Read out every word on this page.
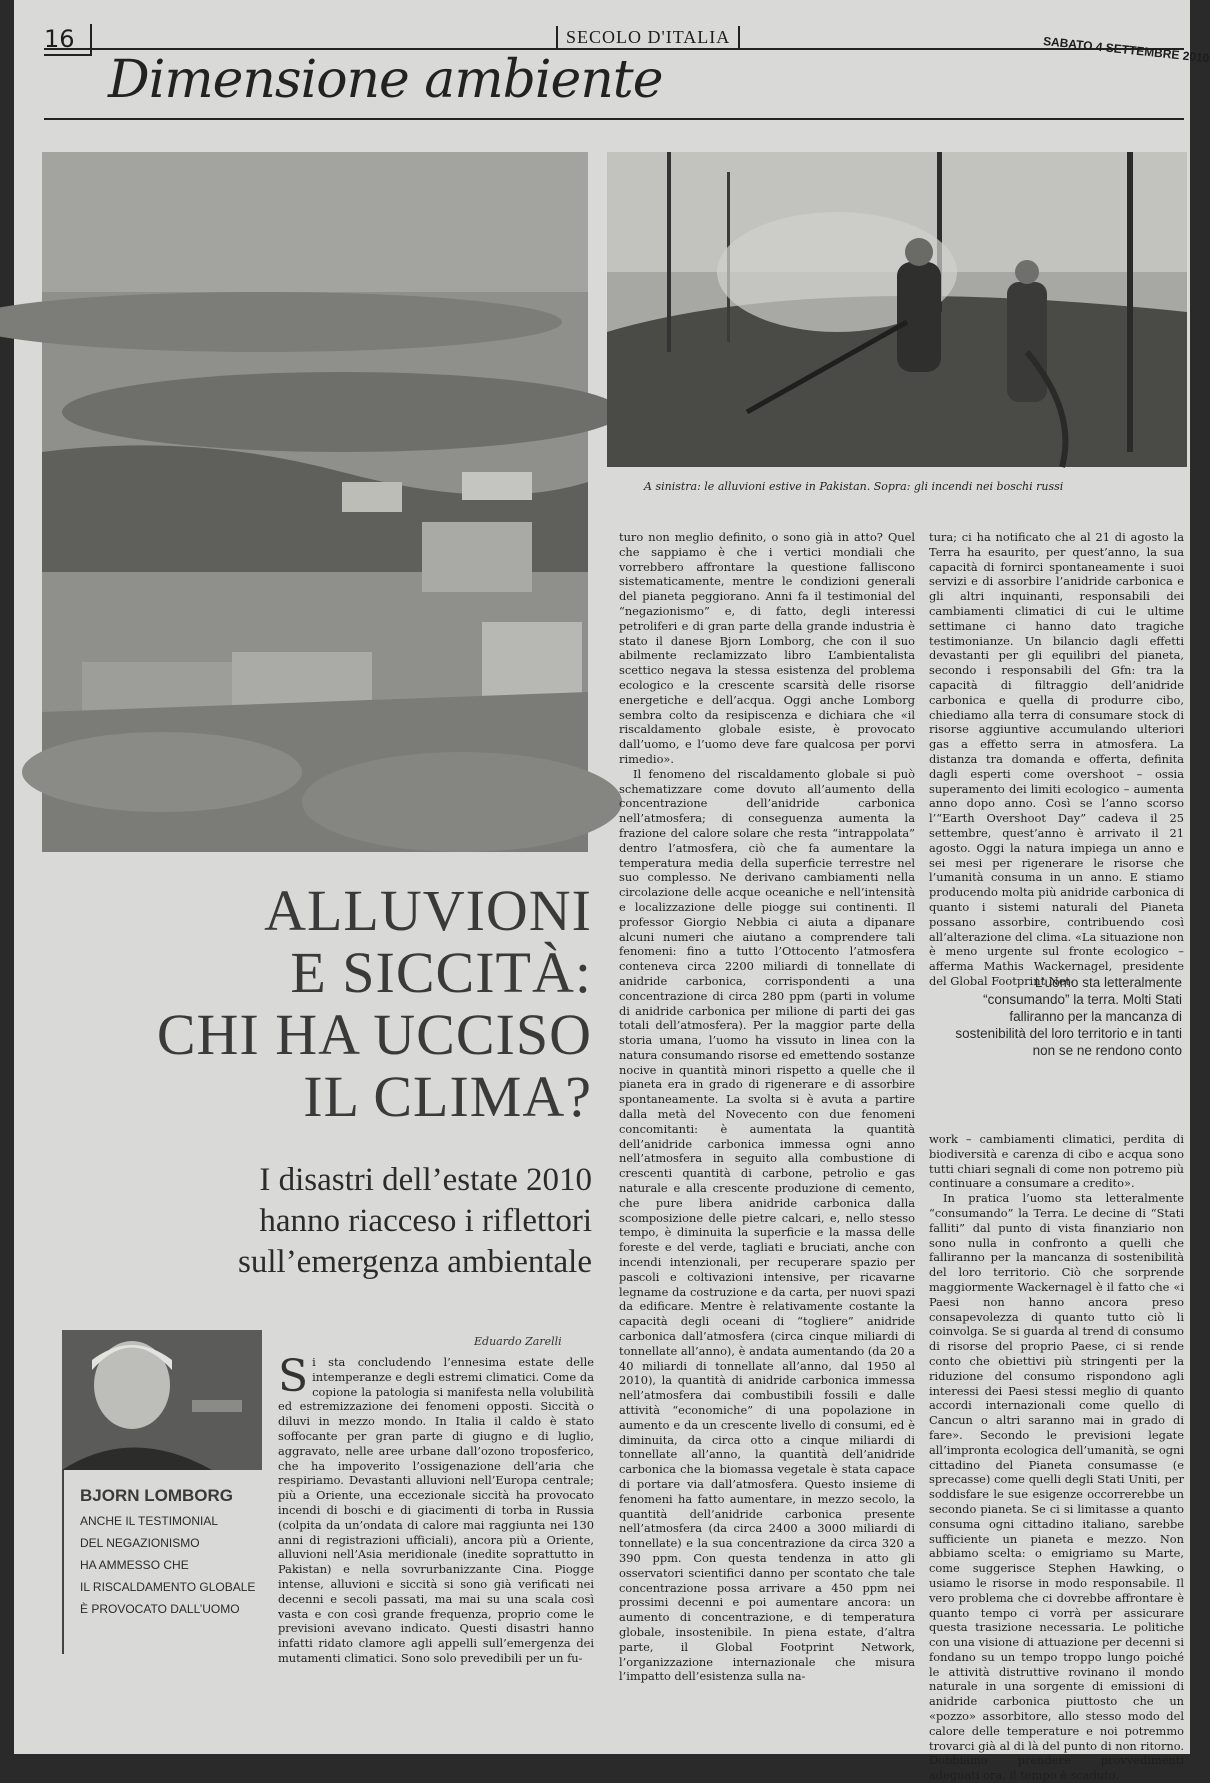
16
Dimensione ambiente
SECOLO D'ITALIA	SABATO 4 SETTEMBRE 2010
A sinistra: le alluvioni estive in Pakistan. Sopra: gli incendi nei boschi russi
ALLUVIONI
E SICCITÀ:
CHI HA UCCISO
IL CLIMA?
I disastri dell’estate 2010
hanno riacceso i riflettori
sull’emergenza ambientale
BJORN LOMBORG
ANCHE IL TESTIMONIAL
DEL NEGAZIONISMO
HA AMMESSO CHE
IL RISCALDAMENTO GLOBALE
È PROVOCATO DALL’UOMO
Eduardo Zarelli
Si sta concludendo l’ennesima estate delle intemperanze e degli estremi climatici. Come da copione la patologia si manifesta nella volubilità ed estremizzazione dei fenomeni opposti. Siccità o diluvi in mezzo mondo. In Italia il caldo è stato soffocante per gran parte di giugno e di luglio, aggravato, nelle aree urbane dall’ozono troposferico, che ha impoverito l’ossigenazione dell’aria che respiriamo. Devastanti alluvioni nell’Europa centrale; più a Oriente, una eccezionale siccità ha provocato incendi di boschi e di giacimenti di torba in Russia (colpita da un’ondata di calore mai raggiunta nei 130 anni di registrazioni ufficiali), ancora più a Oriente, alluvioni nell’Asia meridionale (inedite soprattutto in Pakistan) e nella sovrurbanizzante Cina. Piogge intense, alluvioni e siccità si sono già verificati nei decenni e secoli passati, ma mai su una scala così vasta e con così grande frequenza, proprio come le previsioni avevano indicato. Questi disastri hanno infatti ridato clamore agli appelli sull’emergenza dei mutamenti climatici. Sono solo prevedibili per un fu-

turo non meglio definito, o sono già in atto? Quel che sappiamo è che i vertici mondiali che vorrebbero affrontare la questione falliscono sistematicamente, mentre le condizioni generali del pianeta peggiorano. Anni fa il testimonial del “negazionismo” e, di fatto, degli interessi petroliferi e di gran parte della grande industria è stato il danese Bjorn Lomborg, che con il suo abilmente reclamizzato libro L’ambientalista scettico negava la stessa esistenza del problema ecologico e la crescente scarsità delle risorse energetiche e dell’acqua. Oggi anche Lomborg sembra colto da resipiscenza e dichiara che «il riscaldamento globale esiste, è provocato dall’uomo, e l’uomo deve fare qualcosa per porvi rimedio».

Il fenomeno del riscaldamento globale si può schematizzare come dovuto all’aumento della concentrazione dell’anidride carbonica nell’atmosfera; di conseguenza aumenta la frazione del calore solare che resta “intrappolata” dentro l’atmosfera, ciò che fa aumentare la temperatura media della superficie terrestre nel suo complesso. Ne derivano cambiamenti nella circolazione delle acque oceaniche e nell’intensità e localizzazione delle piogge sui continenti. Il professor Giorgio Nebbia ci aiuta a dipanare alcuni numeri che aiutano a comprendere tali fenomeni: fino a tutto l’Ottocento l’atmosfera conteneva circa 2200 miliardi di tonnellate di anidride carbonica, corrispondenti a una concentrazione di circa 280 ppm (parti in volume di anidride carbonica per milione di parti dei gas totali dell’atmosfera). Per la maggior parte della storia umana, l’uomo ha vissuto in linea con la natura consumando risorse ed emettendo sostanze nocive in quantità minori rispetto a quelle che il pianeta era in grado di rigenerare e di assorbire spontaneamente. La svolta si è avuta a partire dalla metà del Novecento con due fenomeni concomitanti: è aumentata la quantità dell’anidride carbonica immessa ogni anno nell’atmosfera in seguito alla combustione di crescenti quantità di carbone, petrolio e gas naturale e alla crescente produzione di cemento, che pure libera anidride carbonica dalla scomposizione delle pietre calcari, e, nello stesso tempo, è diminuita la superficie e la massa delle foreste e del verde, tagliati e bruciati, anche con incendi intenzionali, per recuperare spazio per pascoli e coltivazioni intensive, per ricavarne legname da costruzione e da carta, per nuovi spazi da edificare. Mentre è relativamente costante la capacità degli oceani di “togliere” anidride carbonica dall’atmosfera (circa cinque miliardi di tonnellate all’anno), è andata aumentando (da 20 a 40 miliardi di tonnellate all’anno, dal 1950 al 2010), la quantità di anidride carbonica immessa nell’atmosfera dai combustibili fossili e dalle attività “economiche” di una popolazione in aumento e da un crescente livello di consumi, ed è diminuita, da circa otto a cinque miliardi di tonnellate all’anno, la quantità dell’anidride carbonica che la biomassa vegetale è stata capace di portare via dall’atmosfera. Questo insieme di fenomeni ha fatto aumentare, in mezzo secolo, la quantità dell’anidride carbonica presente nell’atmosfera (da circa 2400 a 3000 miliardi di tonnellate) e la sua concentrazione da circa 320 a 390 ppm. Con questa tendenza in atto gli osservatori scientifici danno per scontato che tale concentrazione possa arrivare a 450 ppm nei prossimi decenni e poi aumentare ancora: un aumento di concentrazione, e di temperatura globale, insostenibile. In piena estate, d’altra parte, il Global Footprint Network, l’organizzazione internazionale che misura l’impatto dell’esistenza sulla na-

tura; ci ha notificato che al 21 di agosto la Terra ha esaurito, per quest’anno, la sua capacità di fornirci spontaneamente i suoi servizi e di assorbire l’anidride carbonica e gli altri inquinanti, responsabili dei cambiamenti climatici di cui le ultime settimane ci hanno dato tragiche testimonianze. Un bilancio dagli effetti devastanti per gli equilibri del pianeta, secondo i responsabili del Gfn: tra la capacità di filtraggio dell’anidride carbonica e quella di produrre cibo, chiediamo alla terra di consumare stock di risorse aggiuntive accumulando ulteriori gas a effetto serra in atmosfera. La distanza tra domanda e offerta, definita dagli esperti come overshoot – ossia superamento dei limiti ecologico – aumenta anno dopo anno. Così se l’anno scorso l’“Earth Overshoot Day” cadeva il 25 settembre, quest’anno è arrivato il 21 agosto. Oggi la natura impiega un anno e sei mesi per rigenerare le risorse che l’umanità consuma in un anno. E stiamo producendo molta più anidride carbonica di quanto i sistemi naturali del Pianeta possano assorbire, contribuendo così all’alterazione del clima. «La situazione non è meno urgente sul fronte ecologico – afferma Mathis Wackernagel, presidente del Global Footprint Net-

L’uomo sta letteralmente “consumando” la terra. Molti Stati falliranno per la mancanza di sostenibilità del loro territorio e in tanti non se ne rendono conto

work – cambiamenti climatici, perdita di biodiversità e carenza di cibo e acqua sono tutti chiari segnali di come non potremo più continuare a consumare a credito».

In pratica l’uomo sta letteralmente “consumando” la Terra. Le decine di “Stati falliti” dal punto di vista finanziario non sono nulla in confronto a quelli che falliranno per la mancanza di sostenibilità del loro territorio. Ciò che sorprende maggiormente Wackernagel è il fatto che «i Paesi non hanno ancora preso consapevolezza di quanto tutto ciò li coinvolga. Se si guarda al trend di consumo di risorse del proprio Paese, ci si rende conto che obiettivi più stringenti per la riduzione del consumo rispondono agli interessi dei Paesi stessi meglio di quanto accordi internazionali come quello di Cancun o altri saranno mai in grado di fare». Secondo le previsioni legate all’impronta ecologica dell’umanità, se ogni cittadino del Pianeta consumasse (e sprecasse) come quelli degli Stati Uniti, per soddisfare le sue esigenze occorrerebbe un secondo pianeta. Se ci si limitasse a quanto consuma ogni cittadino italiano, sarebbe sufficiente un pianeta e mezzo. Non abbiamo scelta: o emigriamo su Marte, come suggerisce Stephen Hawking, o usiamo le risorse in modo responsabile. Il vero problema che ci dovrebbe affrontare è quanto tempo ci vorrà per assicurare questa trasizione necessaria. Le politiche con una visione di attuazione per decenni si fondano su un tempo troppo lungo poiché le attività distruttive rovinano il mondo naturale in una sorgente di emissioni di anidride carbonica piuttosto che un «pozzo» assorbitore, allo stesso modo del calore delle temperature e noi potremmo trovarci già al di là del punto di non ritorno. Dobbiamo prendere provvedimenti adeguati ora, il tempo è scaduto.
